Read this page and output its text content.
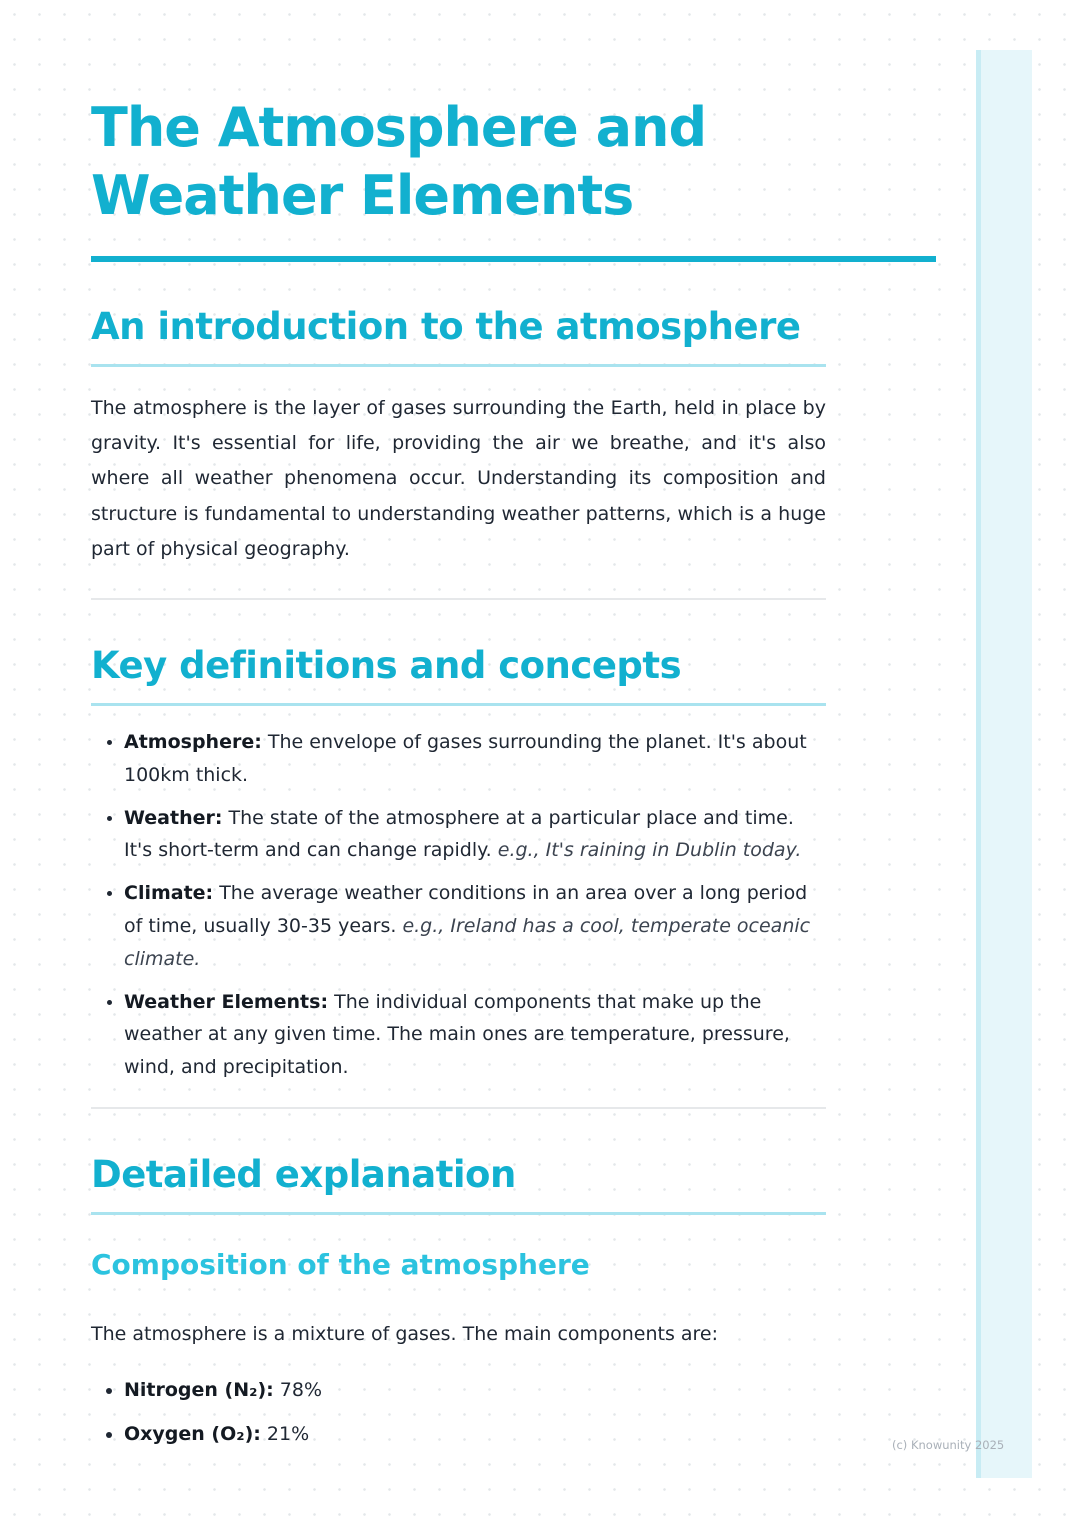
The Atmosphere and Weather Elements
An introduction to the atmosphere

The atmosphere is the layer of gases surrounding the Earth, held in place by gravity. It's essential for life, providing the air we breathe, and it's also where all weather phenomena occur. Understanding its composition and structure is fundamental to understanding weather patterns, which is a huge part of physical geography.

Key definitions and concepts
• Atmosphere: The envelope of gases surrounding the planet. It's about 100km thick.
• Weather: The state of the atmosphere at a particular place and time. It's short-term and can change rapidly. e.g., It's raining in Dublin today.
• Climate: The average weather conditions in an area over a long period of time, usually 30-35 years. e.g., Ireland has a cool, temperate oceanic climate.
• Weather Elements: The individual components that make up the weather at any given time. The main ones are temperature, pressure, wind, and precipitation.
Detailed explanation
Composition of the atmosphere

The atmosphere is a mixture of gases. The main components are:

• Nitrogen (N₂): 78%
• Oxygen (O₂): 21%
(c) Knowunity 2025
